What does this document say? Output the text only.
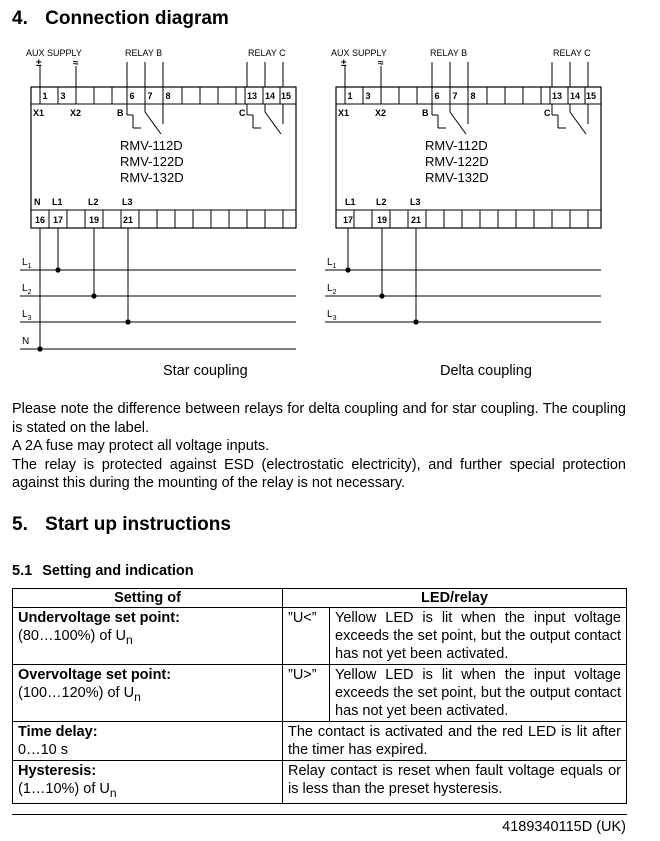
4. Connection diagram
AUX SUPPLY
±	≈
RELAY B	RELAY C
1 3	6 7 8	13 14 15
X1	X2	B	C
RMV-112D
RMV-122D
RMV-132D
N L1	L2	L3
16 17	19	21
$L_1$
$L_2$
$L_3$
N
AUX SUPPLY
±	≈
RELAY B	RELAY C
1 3	6 7 8	13 14 15
X1	X2	B	C
RMV-112D
RMV-122D
RMV-132D
L1 L2	L3
17	19	21
$L_1$
$L_2$
$L_3$
Star coupling	Delta coupling

Please note the difference between relays for delta coupling and for star coupling. The coupling is stated on the label.

A 2A fuse may protect all voltage inputs.

The relay is protected against ESD (electrostatic electricity), and further special protection against this during the mounting of the relay is not necessary.

5. Start up instructions
5.1 Setting and indication
Setting of	LED/relay	

Undervoltage set point:
(80…100%) of $U_n$	”U<”	Yellow LED is lit when the input voltage exceeds the set point, but the output contact has not yet been activated.

Overvoltage set point:
(100…120%) of $U_n$	”U>”	Yellow LED is lit when the input voltage exceeds the set point, but the output contact has not yet been activated.

Time delay:
0…10 s	The contact is activated and the red LED is lit after the timer has expired.	

Hysteresis:
(1…10%) of $U_n$	Relay contact is reset when fault voltage equals or is less than the preset hysteresis.	
4189340115D (UK)
